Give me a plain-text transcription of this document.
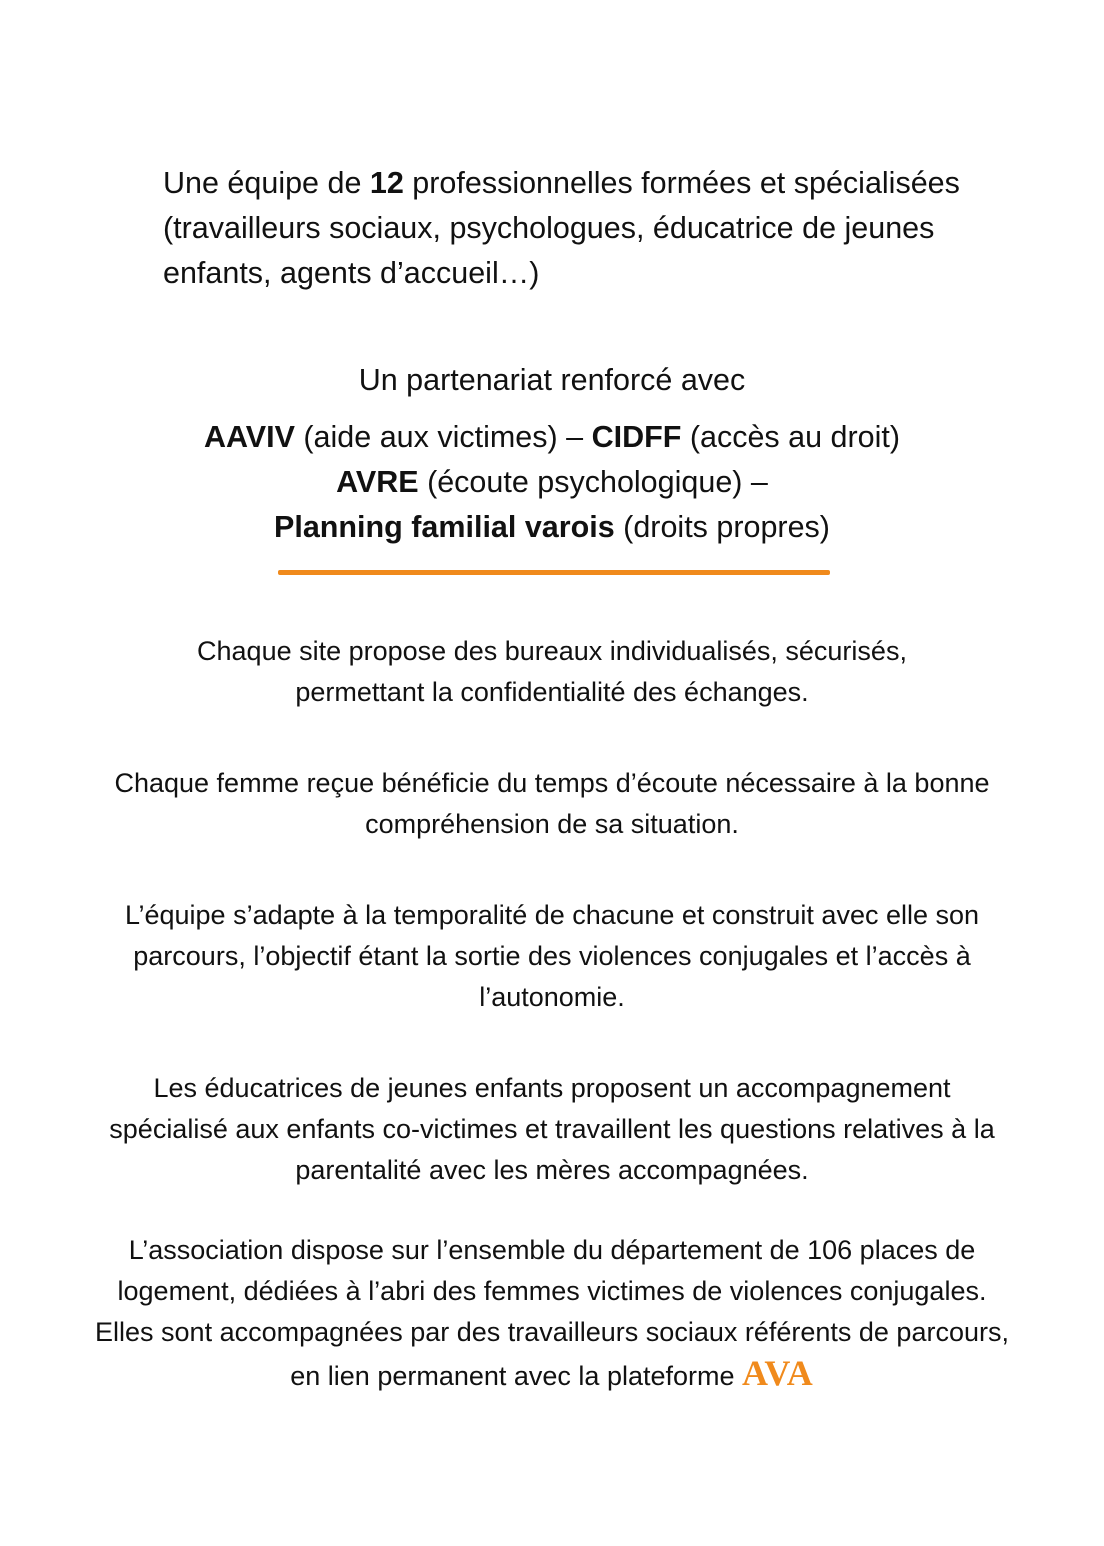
Une équipe de 12 professionnelles formées et spécialisées (travailleurs sociaux, psychologues, éducatrice de jeunes enfants, agents d’accueil…)
Un partenariat renforcé avec
AAVIV (aide aux victimes) – CIDFF (accès au droit)
AVRE (écoute psychologique) –
Planning familial varois (droits propres)
Chaque site propose des bureaux individualisés, sécurisés, permettant la confidentialité des échanges.
Chaque femme reçue bénéficie du temps d’écoute nécessaire à la bonne compréhension de sa situation.
L’équipe s’adapte à la temporalité de chacune et construit avec elle son parcours, l’objectif étant la sortie des violences conjugales et l’accès à l’autonomie.
Les éducatrices de jeunes enfants proposent un accompagnement spécialisé aux enfants co-victimes et travaillent les questions relatives à la parentalité avec les mères accompagnées.
L’association dispose sur l’ensemble du département de 106 places de logement, dédiées à l’abri des femmes victimes de violences conjugales. Elles sont accompagnées par des travailleurs sociaux référents de parcours, en lien permanent avec la plateforme AVA
